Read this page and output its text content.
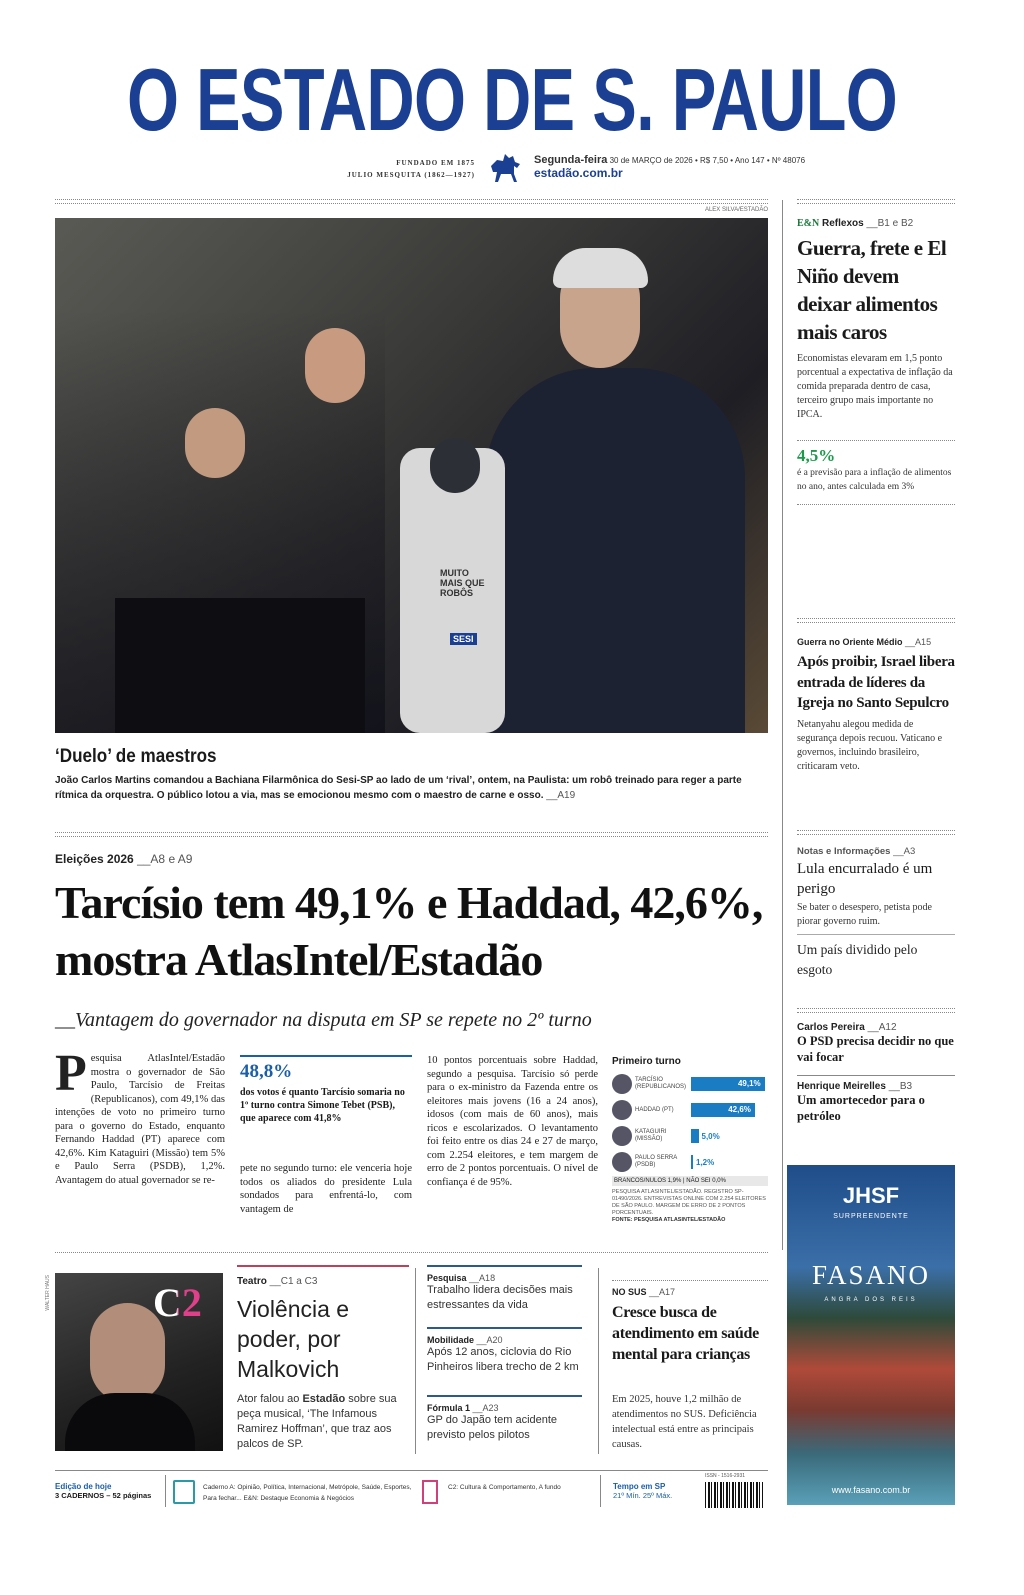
O ESTADO DE S. PAULO
FUNDADO EM 1875
JULIO MESQUITA (1862—1927)
Segunda-feira 30 de MARÇO de 2026 • R$ 7,50 • Ano 147 • Nº 48076
estadão.com.br
ALEX SILVA/ESTADÃO
MUITO MAIS QUE ROBÔS
SESI
‘Duelo’ de maestros
João Carlos Martins comandou a Bachiana Filarmônica do Sesi-SP ao lado de um ‘rival’, ontem, na Paulista: um robô treinado para reger a parte rítmica da orquestra. O público lotou a via, mas se emocionou mesmo com o maestro de carne e osso. __A19
Eleições 2026 __A8 e A9
Tarcísio tem 49,1% e Haddad, 42,6%, mostra AtlasIntel/Estadão
__Vantagem do governador na disputa em SP se repete no 2º turno
Pesquisa AtlasIntel/Estadão mostra o governador de São Paulo, Tarcísio de Freitas (Republicanos), com 49,1% das intenções de voto no primeiro turno para o governo do Estado, enquanto Fernando Haddad (PT) aparece com 42,6%. Kim Kataguiri (Missão) tem 5% e Paulo Serra (PSDB), 1,2%. Avantagem do atual governador se re-
48,8%
dos votos é quanto Tarcísio somaria no 1º turno contra Simone Tebet (PSB), que aparece com 41,8%
pete no segundo turno: ele venceria hoje todos os aliados do presidente Lula sondados para enfrentá-lo, com vantagem de
10 pontos porcentuais sobre Haddad, segundo a pesquisa. Tarcísio só perde para o ex-ministro da Fazenda entre os eleitores mais jovens (16 a 24 anos), idosos (com mais de 60 anos), mais ricos e escolarizados. O levantamento foi feito entre os dias 24 e 27 de março, com 2.254 eleitores, e tem margem de erro de 2 pontos porcentuais. O nível de confiança é de 95%.
Primeiro turno
TARCÍSIO (REPUBLICANOS)	49,1%
HADDAD (PT)	42,6%
KATAGUIRI (MISSÃO)	5,0%
PAULO SERRA (PSDB)	1,2%
BRANCOS/NULOS 1,9% | NÃO SEI 0,0%
PESQUISA ATLASINTEL/ESTADÃO. REGISTRO SP-01490/2026. ENTREVISTAS ONLINE COM 2.254 ELEITORES DE SÃO PAULO. MARGEM DE ERRO DE 2 PONTOS PORCENTUAIS.
FONTE: PESQUISA ATLASINTEL/ESTADÃO
C2
WALTER HAUS	Teatro __C1 a C3
Violência e poder, por Malkovich
Ator falou ao Estadão sobre sua peça musical, ‘The Infamous Ramirez Hoffman’, que traz aos palcos de SP.
Pesquisa __A18
Trabalho lidera decisões mais estressantes da vida
Mobilidade __A20
Após 12 anos, ciclovia do Rio Pinheiros libera trecho de 2 km
Fórmula 1 __A23
GP do Japão tem acidente previsto pelos pilotos
NO SUS __A17
Cresce busca de atendimento em saúde mental para crianças
Em 2025, houve 1,2 milhão de atendimentos no SUS. Deficiência intelectual está entre as principais causas.
E&N Reflexos __B1 e B2
Guerra, frete e El Niño devem deixar alimentos mais caros
Economistas elevaram em 1,5 ponto porcentual a expectativa de inflação da comida preparada dentro de casa, terceiro grupo mais importante no IPCA.
4,5%
é a previsão para a inflação de alimentos no ano, antes calculada em 3%
Guerra no Oriente Médio __A15
Após proibir, Israel libera entrada de líderes da Igreja no Santo Sepulcro
Netanyahu alegou medida de segurança depois recuou. Vaticano e governos, incluindo brasileiro, criticaram veto.
Notas e Informações __A3
Lula encurralado é um perigo
Se bater o desespero, petista pode piorar governo ruim.
Um país dividido pelo esgoto
Carlos Pereira __A12
O PSD precisa decidir no que vai focar
Henrique Meirelles __B3
Um amortecedor para o petróleo
JHSF
SURPREENDENTE
FASANO
ANGRA DOS REIS
www.fasano.com.br
Edição de hoje
3 CADERNOS – 52 páginas
Caderno A: Opinião, Política, Internacional, Metrópole, Saúde, Esportes, Para fechar... E&N: Destaque Economia & Negócios
C2: Cultura & Comportamento, A fundo	Tempo em SP
21º Mín. 25º Máx.
ISSN - 1516-2931
